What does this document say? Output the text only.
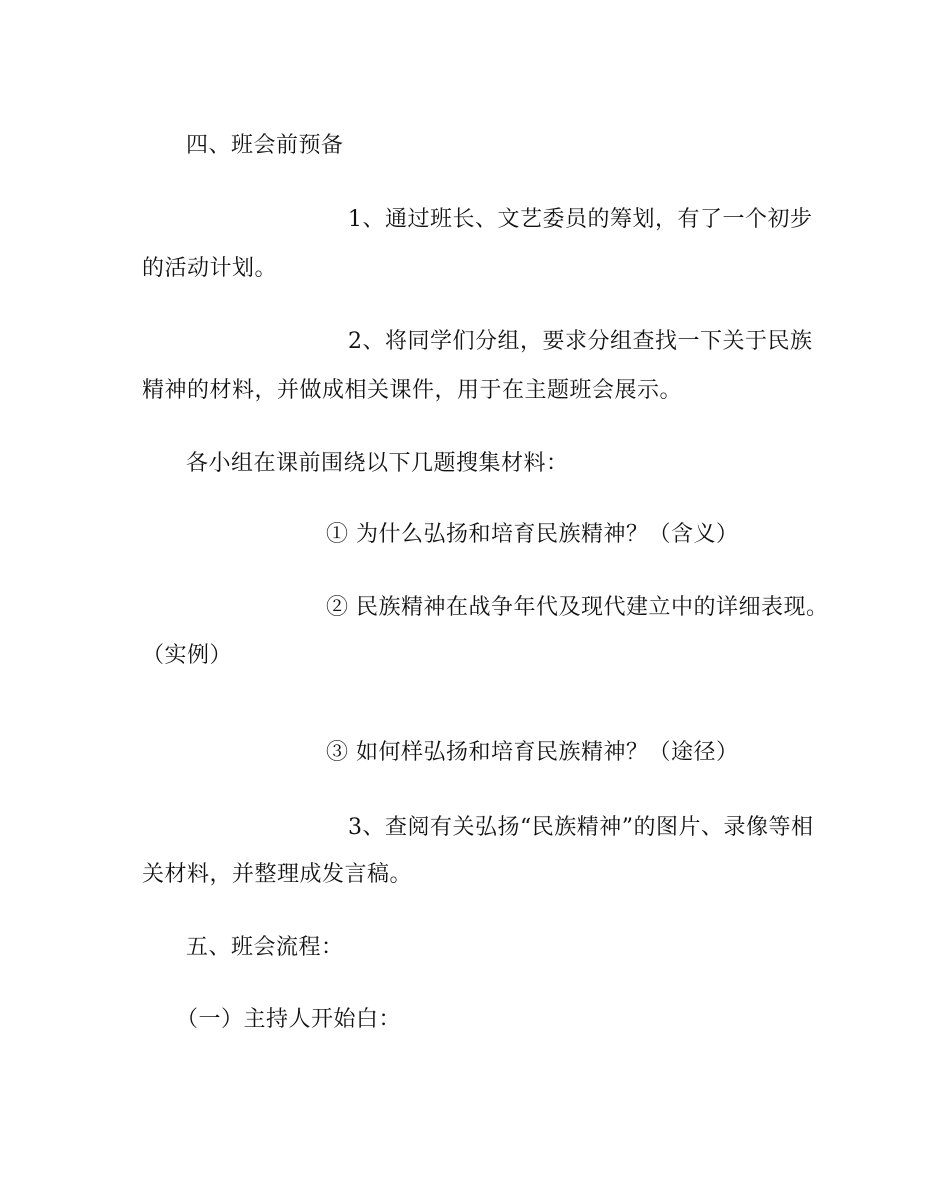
四、班会前预备
1、通过班长、文艺委员的筹划，有了一个初步
的活动计划。
2、将同学们分组，要求分组查找一下关于民族
精神的材料，并做成相关课件，用于在主题班会展示。
各小组在课前围绕以下几题搜集材料：
① 为什么弘扬和培育民族精神？（含义）
② 民族精神在战争年代及现代建立中的详细表现。
（实例）
③ 如何样弘扬和培育民族精神？（途径）
3、查阅有关弘扬“民族精神”的图片、录像等相
关材料，并整理成发言稿。
五、班会流程：
（一）主持人开始白：
